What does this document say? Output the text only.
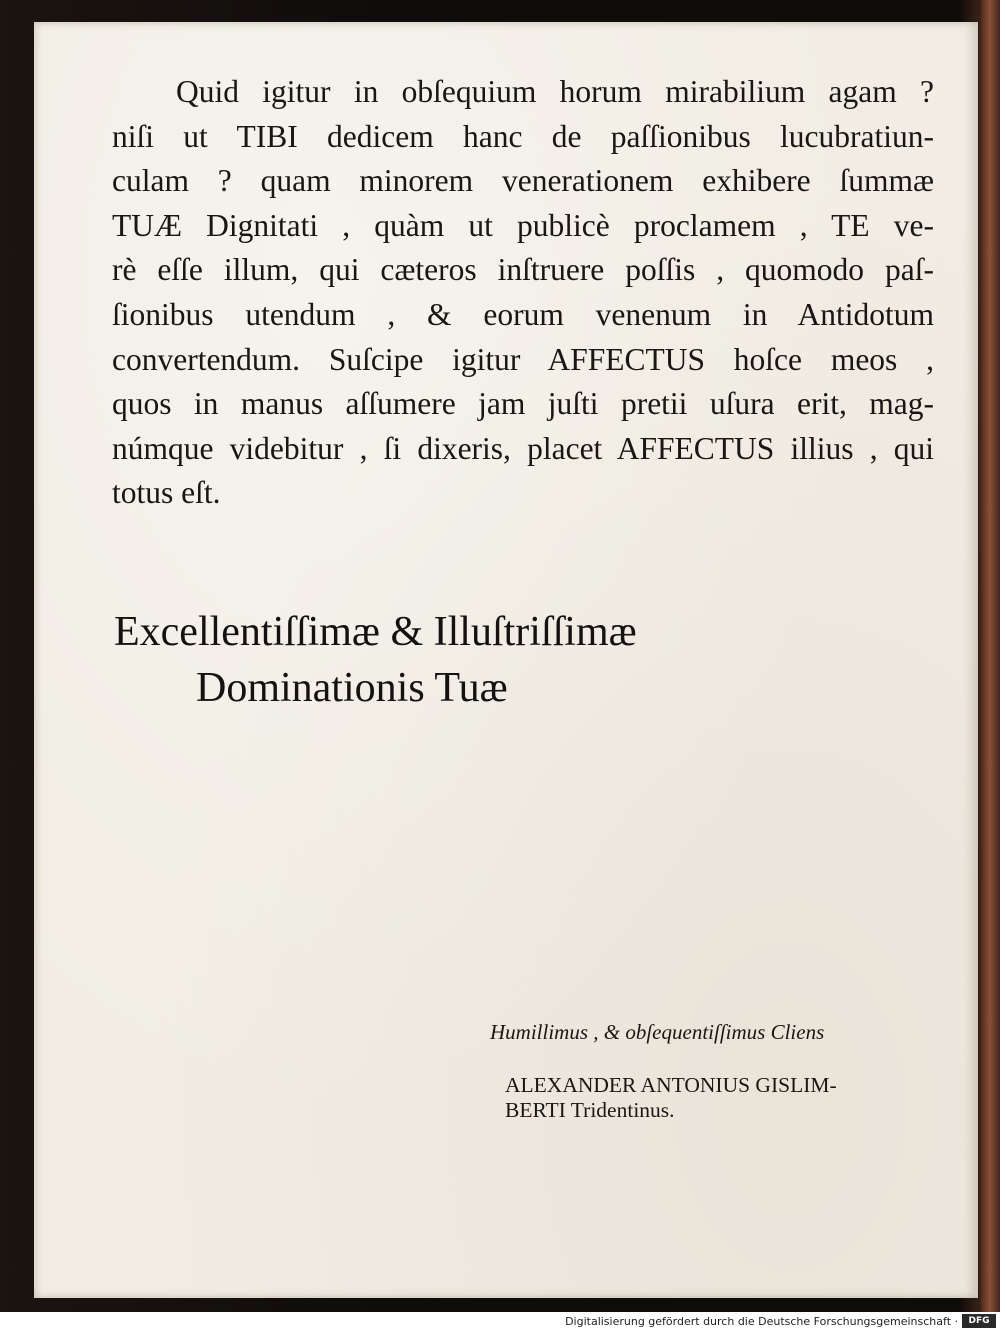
Quid igitur in obſequium horum mirabilium agam ?
niſi ut TIBI dedicem hanc de paſſionibus lucubratiun-
culam ? quam minorem venerationem exhibere ſummæ
TUÆ Dignitati , quàm ut publicè proclamem , TE ve-
rè eſſe illum, qui cæteros inſtruere poſſis , quomodo paſ-
ſionibus utendum , & eorum venenum in Antidotum
convertendum. Suſcipe igitur AFFECTUS hoſce meos ,
quos in manus aſſumere jam juſti pretii uſura erit, mag-
númque videbitur , ſi dixeris, placet AFFECTUS illius , qui
totus eſt.
Excellentiſſimæ & Illuſtriſſimæ
Dominationis Tuæ
Humillimus , & obſequentiſſimus Cliens
ALEXANDER ANTONIUS GISLIM-
BERTI Tridentinus.
Digitalisierung gefördert durch die Deutsche Forschungsgemeinschaft ·	DFG
